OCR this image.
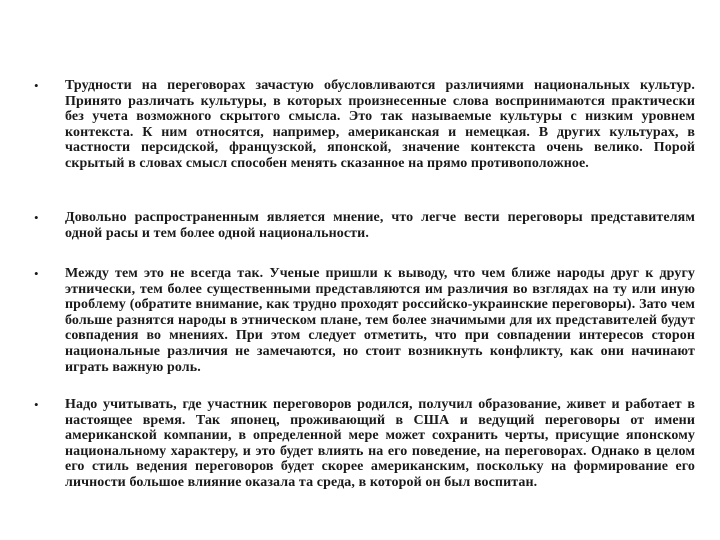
• Трудности на переговорах зачастую обусловливаются различиями национальных культур. Принято различать культуры, в которых произнесенные слова воспринимаются практически без учета возможного скрытого смысла. Это так называемые культуры с низким уровнем контекста. К ним относятся, например, американская и немецкая. В других культурах, в частности персидской, французской, японской, значение контекста очень велико. Порой скрытый в словах смысл способен менять сказанное на прямо противоположное.

• Довольно распространенным является мнение, что легче вести переговоры представителям одной расы и тем более одной национальности.

• Между тем это не всегда так. Ученые пришли к выводу, что чем ближе народы друг к другу этнически, тем более существенными представляются им различия во взглядах на ту или иную проблему (обратите внимание, как трудно проходят российско-украинские переговоры). Зато чем больше разнятся народы в этническом плане, тем более значимыми для их представителей будут совпадения во мнениях. При этом следует отметить, что при совпадении интересов сторон национальные различия не замечаются, но стоит возникнуть конфликту, как они начинают играть важную роль.

• Надо учитывать, где участник переговоров родился, получил образование, живет и работает в настоящее время. Так японец, проживающий в США и ведущий переговоры от имени американской компании, в определенной мере может сохранить черты, присущие японскому национальному характеру, и это будет влиять на его поведение, на переговорах. Однако в целом его стиль ведения переговоров будет скорее американским, поскольку на формирование его личности большое влияние оказала та среда, в которой он был воспитан.
